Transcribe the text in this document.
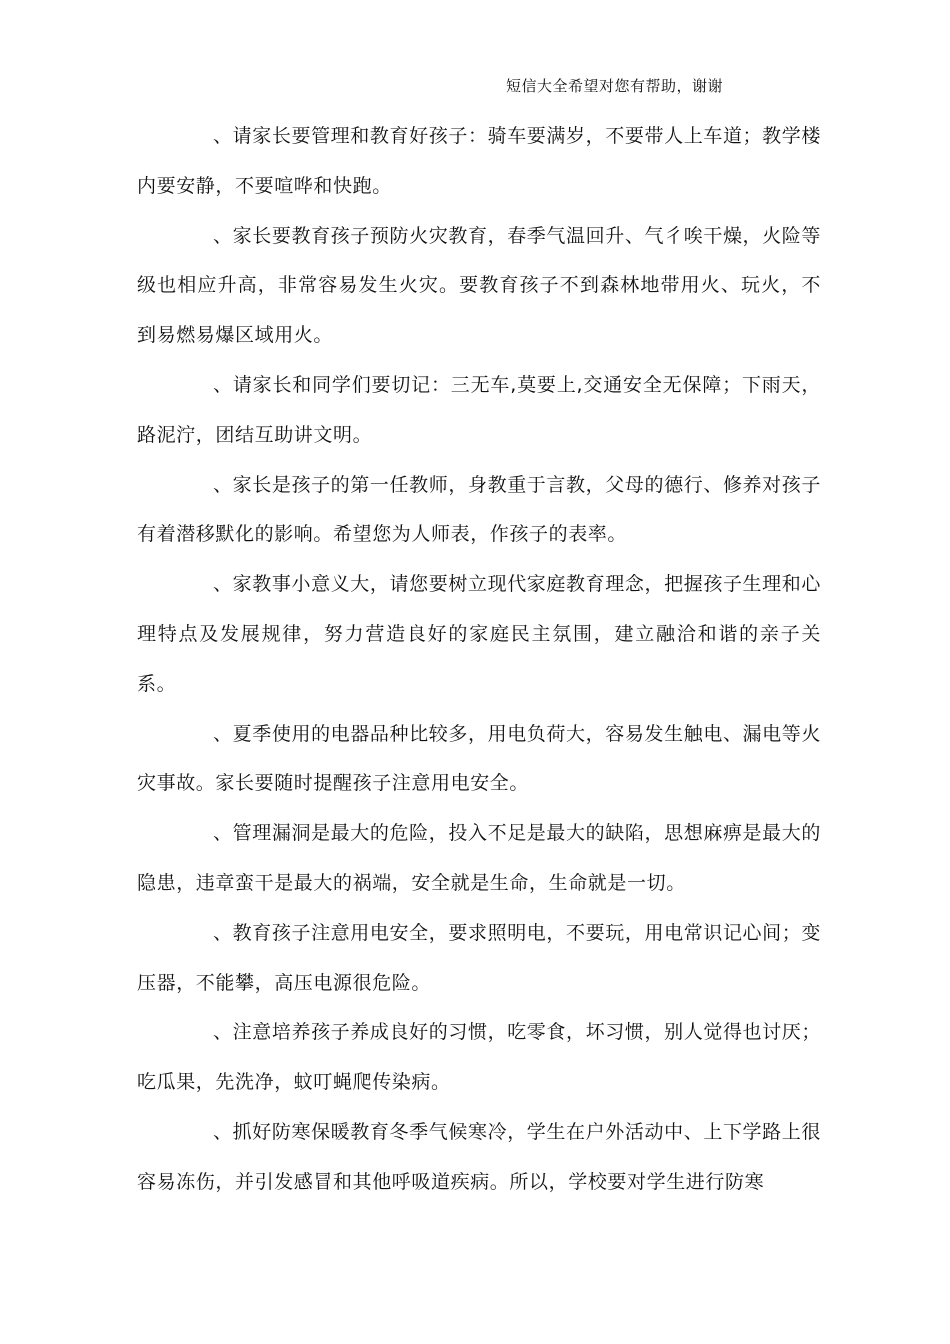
短信大全希望对您有帮助，谢谢

、请家长要管理和教育好孩子：骑车要满岁，不要带人上车道；教学楼内要安静，不要喧哗和快跑。

、家长要教育孩子预防火灾教育，春季气温回升、气彳唉干燥，火险等级也相应升高，非常容易发生火灾。要教育孩子不到森林地带用火、玩火，不到易燃易爆区域用火。

、请家长和同学们要切记：三无车,莫要上,交通安全无保障；下雨天，路泥泞，团结互助讲文明。

、家长是孩子的第一任教师，身教重于言教，父母的德行、修养对孩子有着潜移默化的影响。希望您为人师表，作孩子的表率。

、家教事小意义大，请您要树立现代家庭教育理念，把握孩子生理和心理特点及发展规律，努力营造良好的家庭民主氛围，建立融洽和谐的亲子关系。

、夏季使用的电器品种比较多，用电负荷大，容易发生触电、漏电等火灾事故。家长要随时提醒孩子注意用电安全。

、管理漏洞是最大的危险，投入不足是最大的缺陷，思想麻痹是最大的隐患，违章蛮干是最大的祸端，安全就是生命，生命就是一切。

、教育孩子注意用电安全，要求照明电，不要玩，用电常识记心间；变压器，不能攀，高压电源很危险。

、注意培养孩子养成良好的习惯，吃零食，坏习惯，别人觉得也讨厌；吃瓜果，先洗净，蚊叮蝇爬传染病。

、抓好防寒保暖教育冬季气候寒冷，学生在户外活动中、上下学路上很容易冻伤，并引发感冒和其他呼吸道疾病。所以，学校要对学生进行防寒
